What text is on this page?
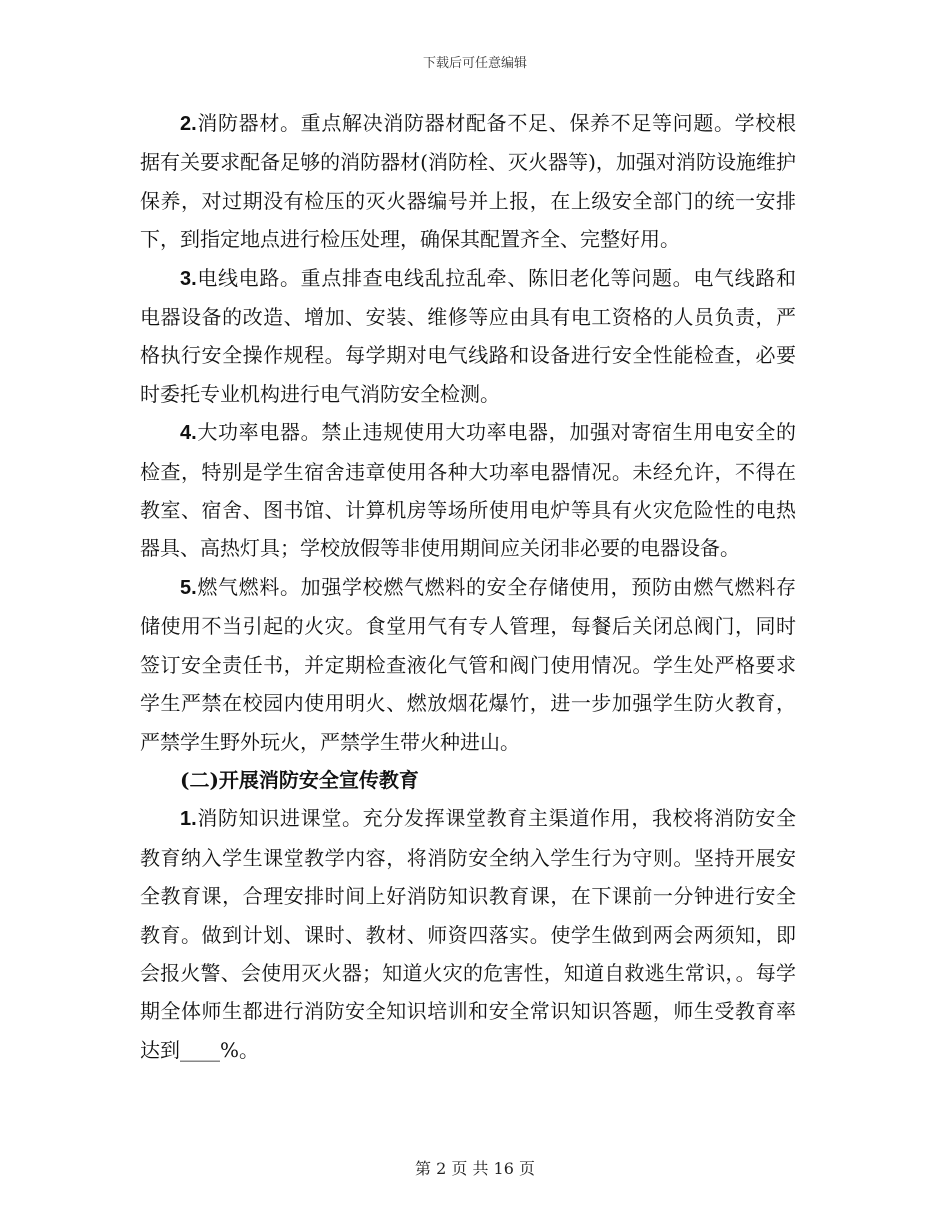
下载后可任意编辑

2.消防器材。重点解决消防器材配备不足、保养不足等问题。学校根据有关要求配备足够的消防器材(消防栓、灭火器等)，加强对消防设施维护保养，对过期没有检压的灭火器编号并上报，在上级安全部门的统一安排下，到指定地点进行检压处理，确保其配置齐全、完整好用。

3.电线电路。重点排查电线乱拉乱牵、陈旧老化等问题。电气线路和电器设备的改造、增加、安装、维修等应由具有电工资格的人员负责，严格执行安全操作规程。每学期对电气线路和设备进行安全性能检查，必要时委托专业机构进行电气消防安全检测。

4.大功率电器。禁止违规使用大功率电器，加强对寄宿生用电安全的检查，特别是学生宿舍违章使用各种大功率电器情况。未经允许，不得在教室、宿舍、图书馆、计算机房等场所使用电炉等具有火灾危险性的电热器具、高热灯具；学校放假等非使用期间应关闭非必要的电器设备。

5.燃气燃料。加强学校燃气燃料的安全存储使用，预防由燃气燃料存储使用不当引起的火灾。食堂用气有专人管理，每餐后关闭总阀门，同时签订安全责任书，并定期检查液化气管和阀门使用情况。学生处严格要求学生严禁在校园内使用明火、燃放烟花爆竹，进一步加强学生防火教育，严禁学生野外玩火，严禁学生带火种进山。

(二)开展消防安全宣传教育

1.消防知识进课堂。充分发挥课堂教育主渠道作用，我校将消防安全教育纳入学生课堂教学内容，将消防安全纳入学生行为守则。坚持开展安全教育课，合理安排时间上好消防知识教育课，在下课前一分钟进行安全教育。做到计划、课时、教材、师资四落实。使学生做到两会两须知，即会报火警、会使用灭火器；知道火灾的危害性，知道自救逃生常识，。每学期全体师生都进行消防安全知识培训和安全常识知识答题，师生受教育率达到____%。

第 2 页 共 16 页
